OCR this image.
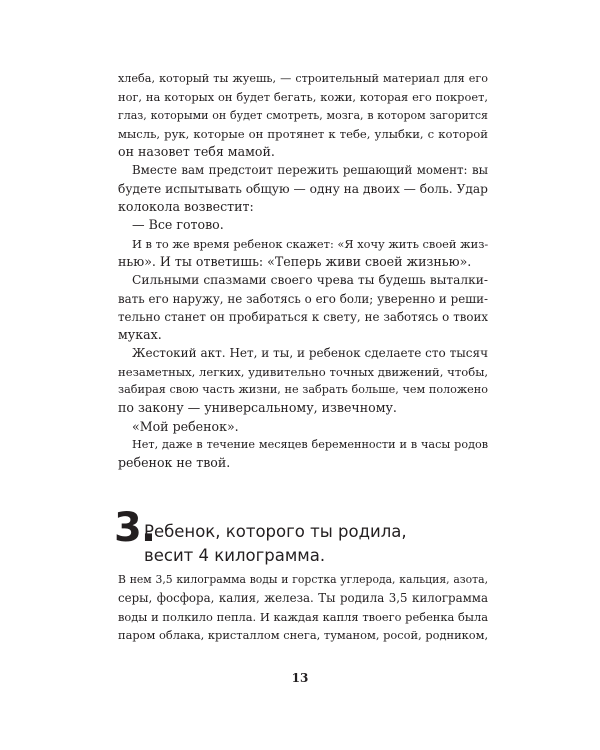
хлеба, который ты жуешь, — строительный материал для его
ног, на которых он будет бегать, кожи, которая его покроет,
глаз, которыми он будет смотреть, мозга, в котором загорится
мысль, рук, которые он протянет к тебе, улыбки, с которой
он назовет тебя мамой.
Вместе вам предстоит пережить решающий момент: вы
будете испытывать общую — одну на двоих — боль. Удар
колокола возвестит:
— Все готово.
И в то же время ребенок скажет: «Я хочу жить своей жиз-
нью». И ты ответишь: «Теперь живи своей жизнью».
Сильными спазмами своего чрева ты будешь выталки-
вать его наружу, не заботясь о его боли; уверенно и реши-
тельно станет он пробираться к свету, не заботясь о твоих
муках.
Жестокий акт. Нет, и ты, и ребенок сделаете сто тысяч
незаметных, легких, удивительно точных движений, чтобы,
забирая свою часть жизни, не забрать больше, чем положено
по закону — универсальному, извечному.
«Мой ребенок».
Нет, даже в течение месяцев беременности и в часы родов
ребенок не твой.
3.
Ребенок, которого ты родила,
весит 4 килограмма.
В нем 3,5 килограмма воды и горстка углерода, кальция, азота,
серы, фосфора, калия, железа. Ты родила 3,5 килограмма
воды и полкило пепла. И каждая капля твоего ребенка была
паром облака, кристаллом снега, туманом, росой, родником,
13
